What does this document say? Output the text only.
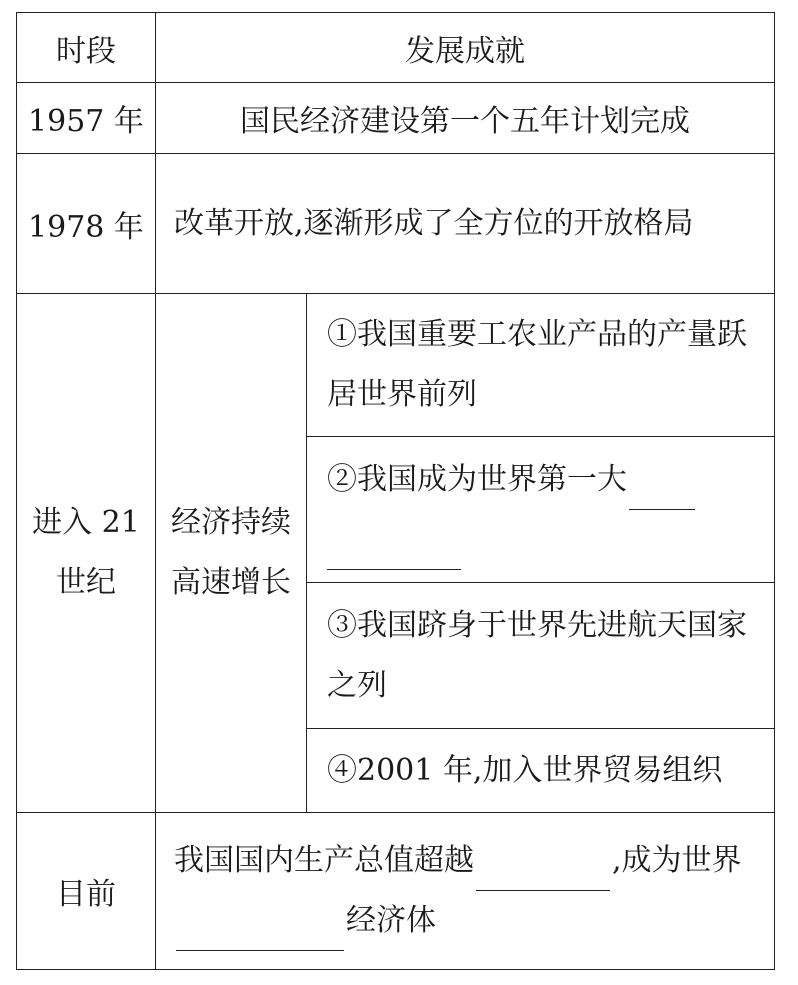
时段	发展成就	
1957 年	国民经济建设第一个五年计划完成	
1978 年	改革开放,逐渐形成了全方位的开放格局	
进入 21 世纪	经济持续高速增长	①我国重要工农业产品的产量跃居世界前列
		②我国成为世界第一大

		③我国跻身于世界先进航天国家之列
		④2001 年,加入世界贸易组织
目前	我国国内生产总值超越 ,成为世界经济体	
